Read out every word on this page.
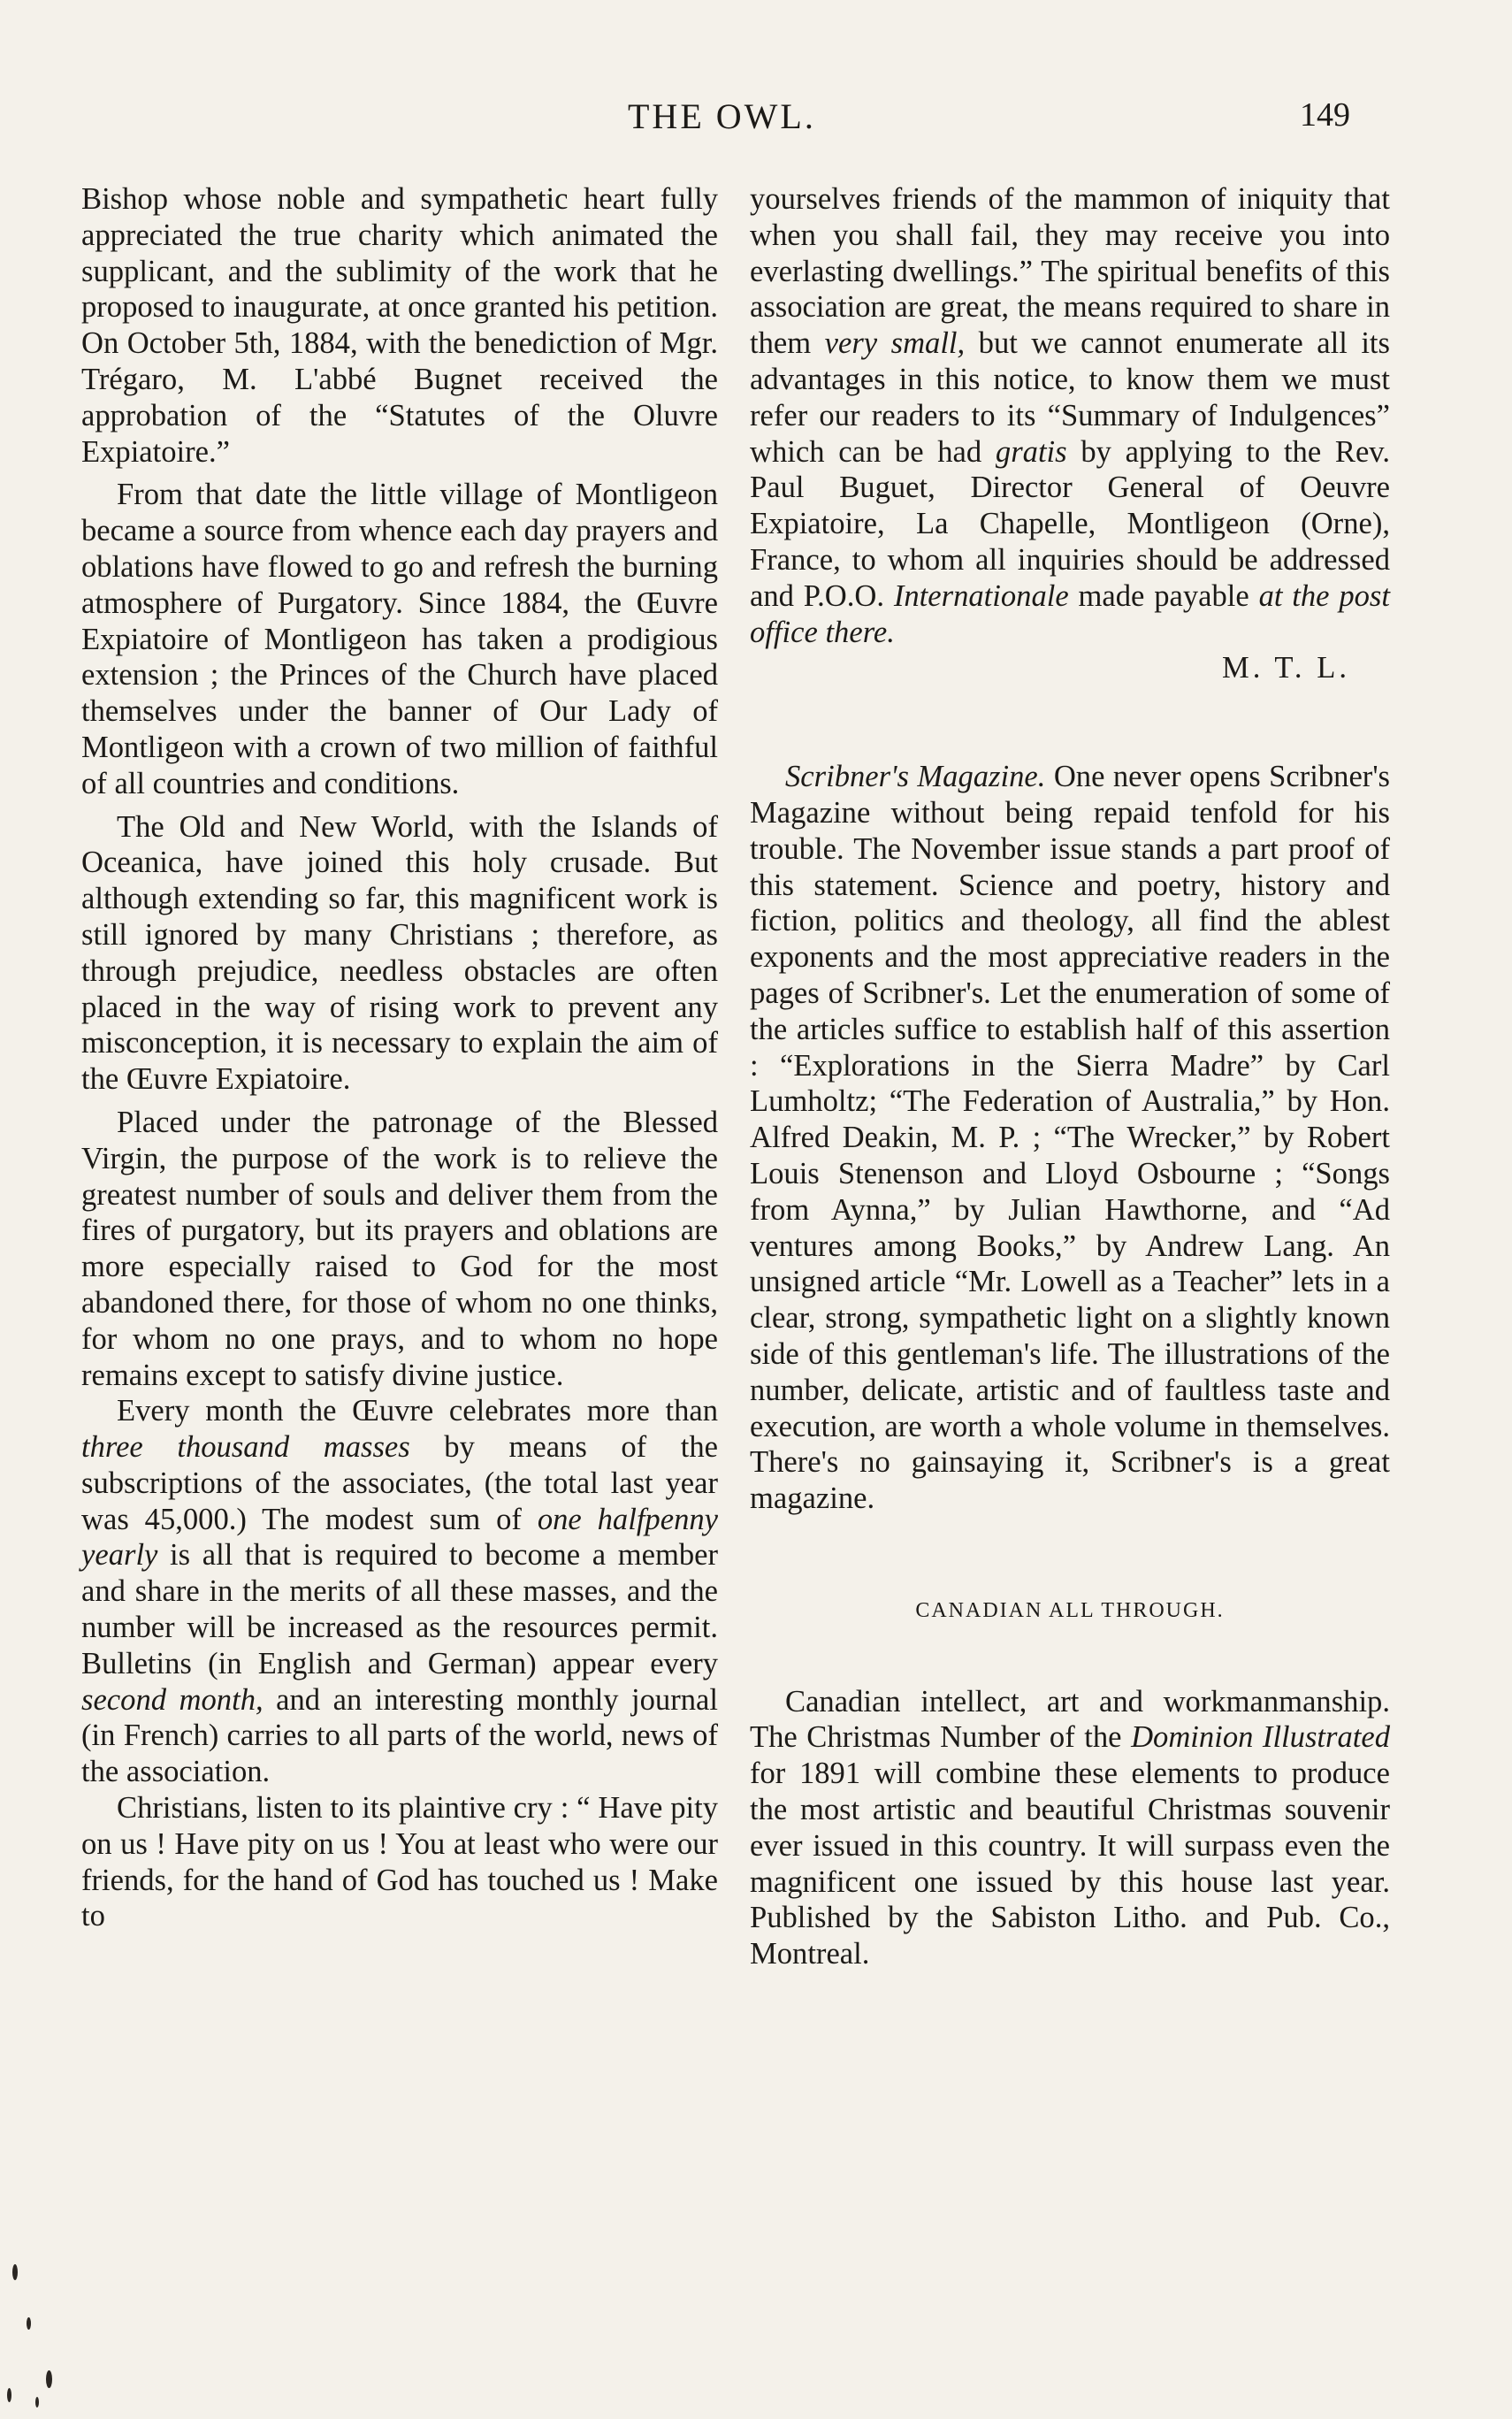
THE OWL.	149

Bishop whose noble and sympathetic heart fully appreciated the true charity which animated the supplicant, and the sublimity of the work that he proposed to inaugurate, at once granted his petition. On October 5th, 1884, with the benediction of Mgr. Trégaro, M. L'abbé Bugnet received the approbation of the “Statutes of the Oluvre Expiatoire.”

From that date the little village of Montligeon became a source from whence each day prayers and oblations have flowed to go and refresh the burning atmosphere of Purgatory. Since 1884, the Œuvre Expiatoire of Montligeon has taken a prodigious extension ; the Princes of the Church have placed themselves under the banner of Our Lady of Montligeon with a crown of two million of faithful of all countries and conditions.

The Old and New World, with the Islands of Oceanica, have joined this holy crusade. But although extending so far, this magnificent work is still ignored by many Christians ; therefore, as through prejudice, needless obstacles are often placed in the way of rising work to prevent any misconception, it is necessary to explain the aim of the Œuvre Expiatoire.

Placed under the patronage of the Blessed Virgin, the purpose of the work is to relieve the greatest number of souls and deliver them from the fires of purgatory, but its prayers and oblations are more especially raised to God for the most abandoned there, for those of whom no one thinks, for whom no one prays, and to whom no hope remains except to satisfy divine justice.

Every month the Œuvre celebrates more than three thousand masses by means of the subscriptions of the associates, (the total last year was 45,000.) The modest sum of one halfpenny yearly is all that is required to become a member and share in the merits of all these masses, and the number will be increased as the resources permit. Bulletins (in English and German) appear every second month, and an interesting monthly journal (in French) carries to all parts of the world, news of the association.

Christians, listen to its plaintive cry : “ Have pity on us ! Have pity on us ! You at least who were our friends, for the hand of God has touched us ! Make to

yourselves friends of the mammon of iniquity that when you shall fail, they may receive you into everlasting dwellings.” The spiritual benefits of this association are great, the means required to share in them very small, but we cannot enumerate all its advantages in this notice, to know them we must refer our readers to its “Summary of Indulgences” which can be had gratis by applying to the Rev. Paul Buguet, Director General of Oeuvre Expiatoire, La Chapelle, Montligeon (Orne), France, to whom all inquiries should be addressed and P.O.O. Internationale made payable at the post office there.

M. T. L.

Scribner's Magazine. One never opens Scribner's Magazine without being repaid tenfold for his trouble. The November issue stands a part proof of this statement. Science and poetry, history and fiction, politics and theology, all find the ablest exponents and the most appreciative readers in the pages of Scribner's. Let the enumeration of some of the articles suffice to establish half of this assertion : “Explorations in the Sierra Madre” by Carl Lumholtz; “The Federation of Australia,” by Hon. Alfred Deakin, M. P. ; “The Wrecker,” by Robert Louis Stenenson and Lloyd Osbourne ; “Songs from Aynna,” by Julian Hawthorne, and “Ad ventures among Books,” by Andrew Lang. An unsigned article “Mr. Lowell as a Teacher” lets in a clear, strong, sympathetic light on a slightly known side of this gentleman's life. The illustrations of the number, delicate, artistic and of faultless taste and execution, are worth a whole volume in themselves. There's no gainsaying it, Scribner's is a great magazine.

CANADIAN ALL THROUGH.

Canadian intellect, art and workmanmanship. The Christmas Number of the Dominion Illustrated for 1891 will combine these elements to produce the most artistic and beautiful Christmas souvenir ever issued in this country. It will surpass even the magnificent one issued by this house last year. Published by the Sabiston Litho. and Pub. Co., Montreal.
